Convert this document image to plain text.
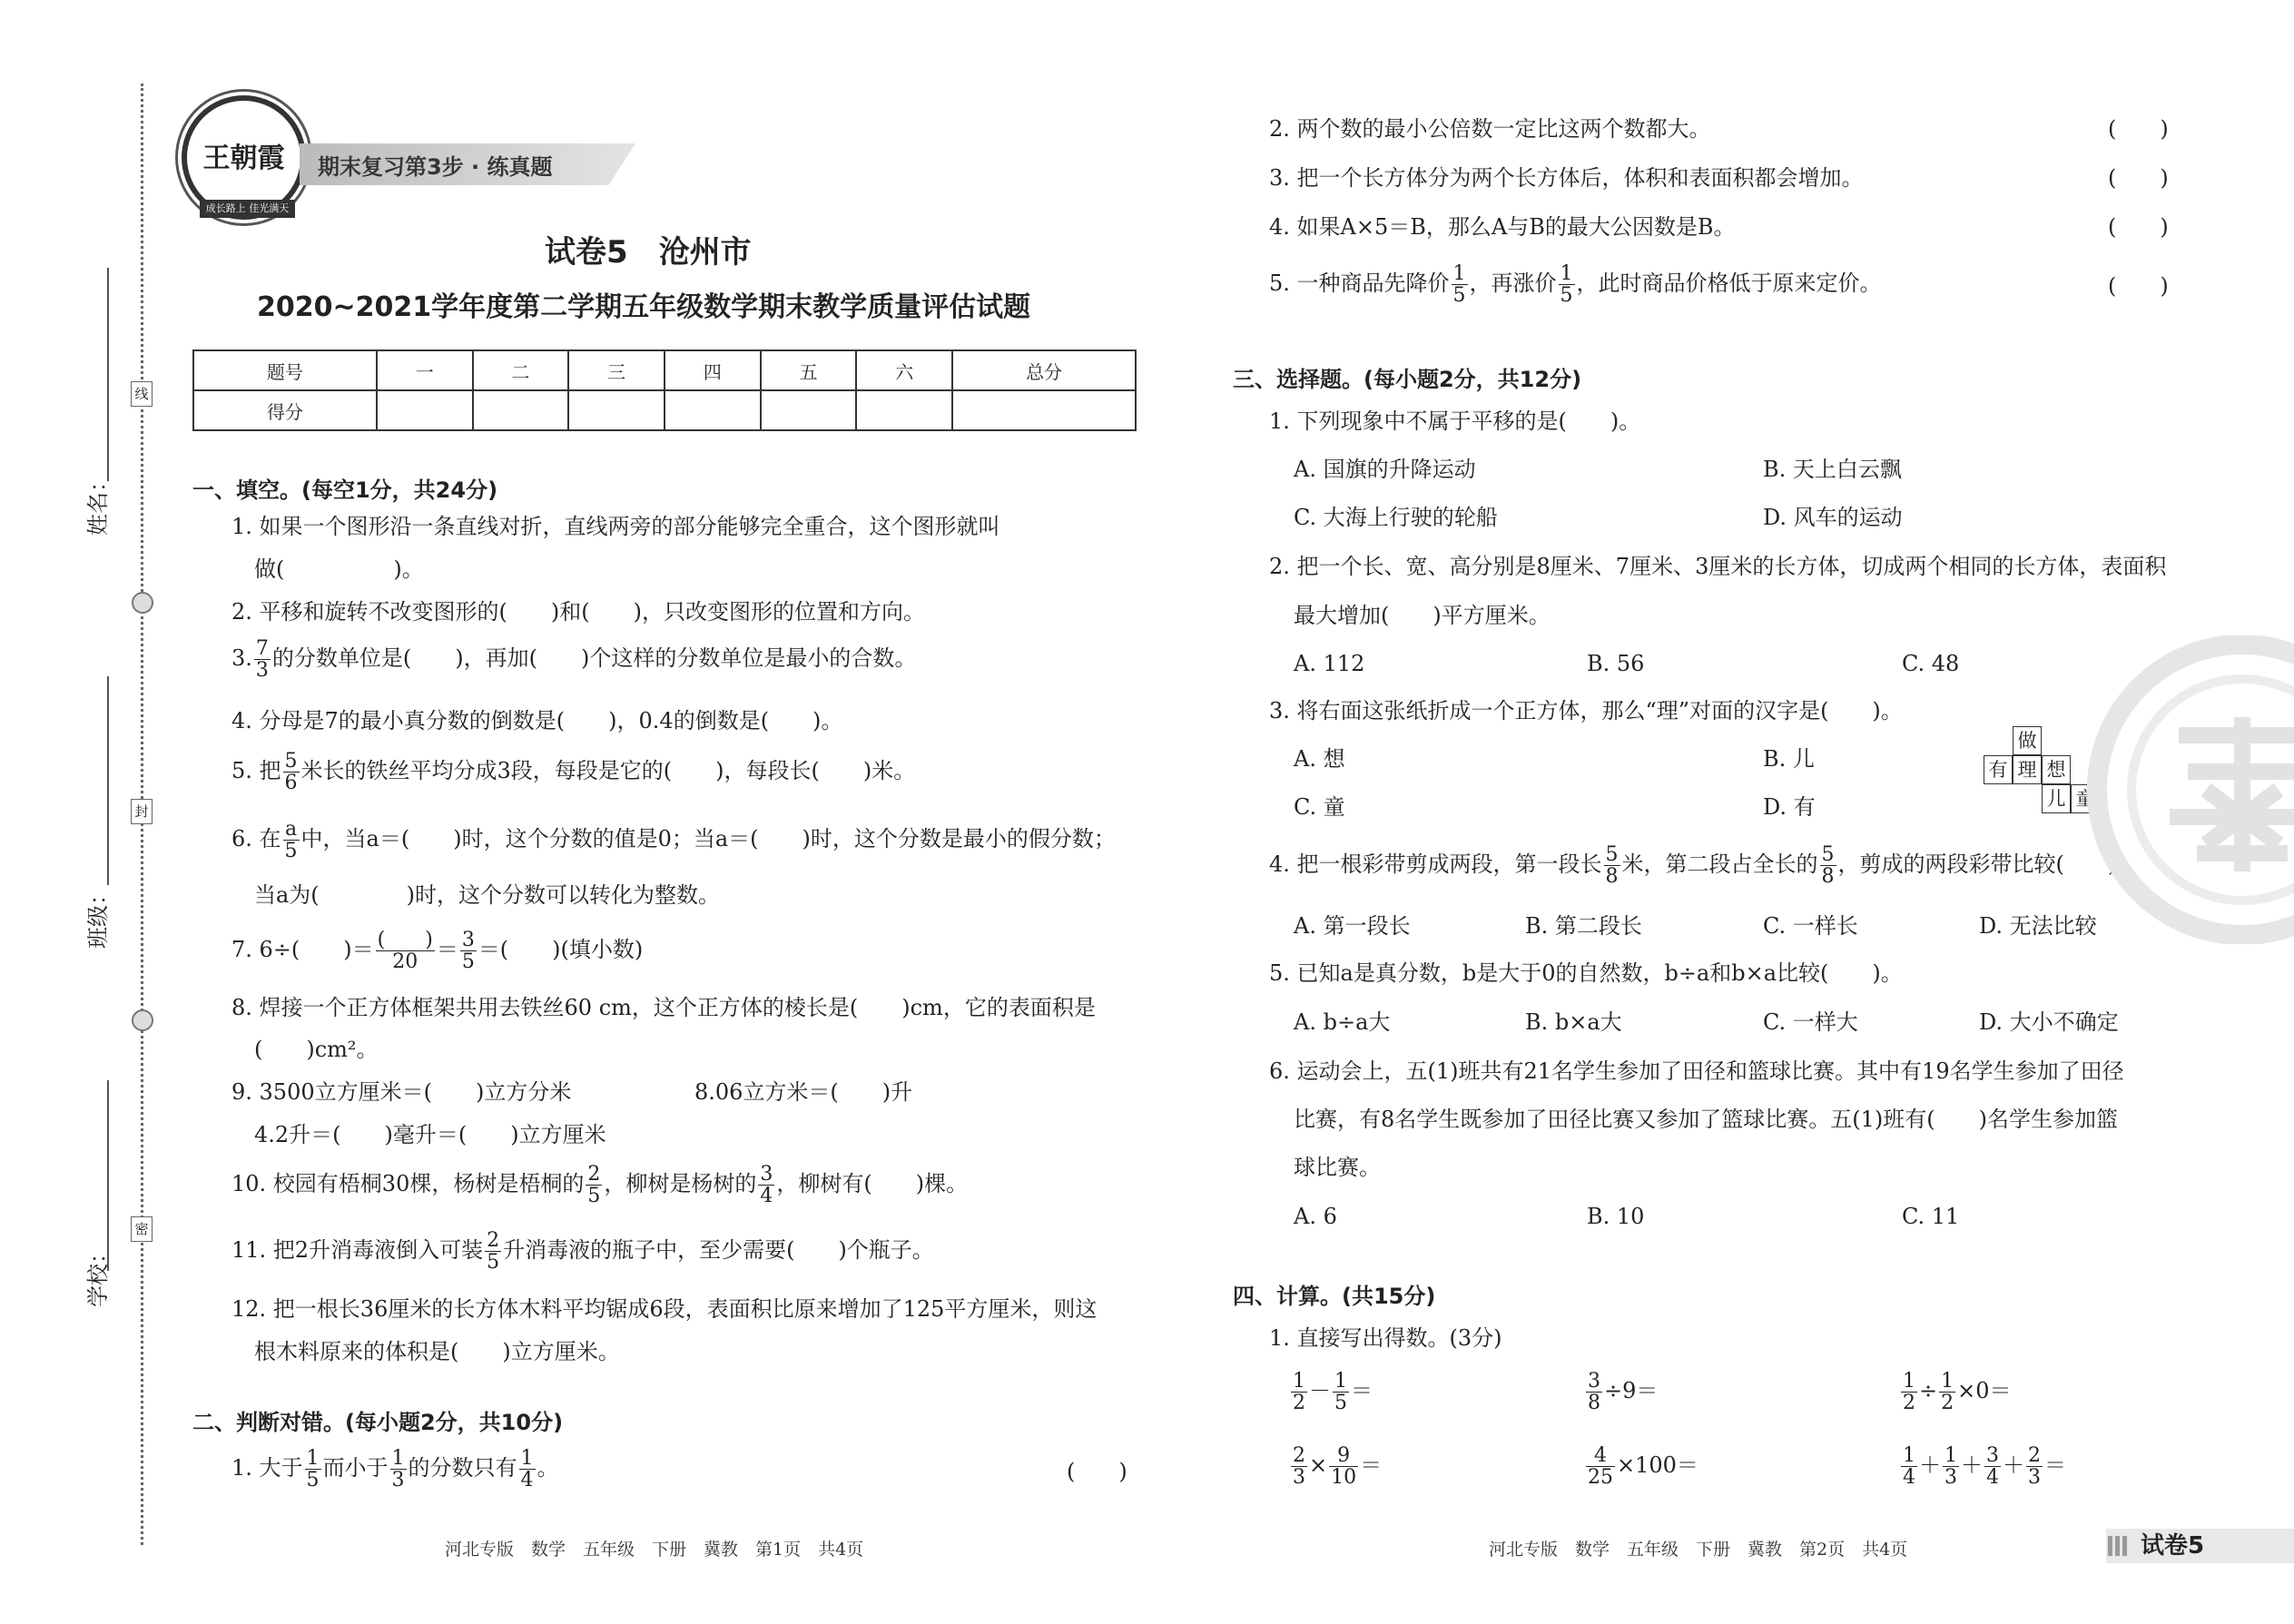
学校：
班级：
姓名：
线
封
密
王朝霞
成长路上 佳光满天
期末复习第3步 · 练真题
试卷5　沧州市
2020~2021学年度第二学期五年级数学期末教学质量评估试题
题号	一	二	三	四	五	六	总分
得分							
一、填空。(每空1分，共24分)
1. 如果一个图形沿一条直线对折，直线两旁的部分能够完全重合，这个图形就叫
做(　　　　　)。
2. 平移和旋转不改变图形的(　　)和(　　)，只改变图形的位置和方向。
3. $\frac{7}{3}$ 的分数单位是(　　)，再加(　　)个这样的分数单位是最小的合数。
4. 分母是7的最小真分数的倒数是(　　)，0.4的倒数是(　　)。
5. 把 $\frac{5}{6}$ 米长的铁丝平均分成3段，每段是它的(　　)，每段长(　　)米。
6. 在 $\frac{a}{5}$ 中，当a＝(　　)时，这个分数的值是0；当a＝(　　)时，这个分数是最小的假分数；
当a为(　　　　)时，这个分数可以转化为整数。
7. 6÷(　　)＝ $\frac{( )}{20} = \frac{3}{5}$ ＝(　　)(填小数)
8. 焊接一个正方体框架共用去铁丝60 cm，这个正方体的棱长是(　　)cm，它的表面积是
(　　)cm²。
9. 3500立方厘米＝(　　)立方分米	8.06立方米＝(　　)升
4.2升＝(　　)毫升＝(　　)立方厘米
10. 校园有梧桐30棵，杨树是梧桐的 $\frac{2}{5}$ ，柳树是杨树的 $\frac{3}{4}$ ，柳树有(　　)棵。
11. 把2升消毒液倒入可装 $\frac{2}{5}$ 升消毒液的瓶子中，至少需要(　　)个瓶子。
12. 把一根长36厘米的长方体木料平均锯成6段，表面积比原来增加了125平方厘米，则这
根木料原来的体积是(　　)立方厘米。
二、判断对错。(每小题2分，共10分)
1. 大于 $\frac{1}{5}$ 而小于 $\frac{1}{3}$ 的分数只有 $\frac{1}{4}$ 。	(　　)
2. 两个数的最小公倍数一定比这两个数都大。	(　　)
3. 把一个长方体分为两个长方体后，体积和表面积都会增加。	(　　)
4. 如果A×5＝B，那么A与B的最大公因数是B。	(　　)
5. 一种商品先降价 $\frac{1}{5}$ ，再涨价 $\frac{1}{5}$ ，此时商品价格低于原来定价。	(　　)
三、选择题。(每小题2分，共12分)
1. 下列现象中不属于平移的是(　　)。
A. 国旗的升降运动	B. 天上白云飘
C. 大海上行驶的轮船	D. 风车的运动
2. 把一个长、宽、高分别是8厘米、7厘米、3厘米的长方体，切成两个相同的长方体，表面积
最大增加(　　)平方厘米。
A. 112	B. 56	C. 48
3. 将右面这张纸折成一个正方体，那么“理”对面的汉字是(　　)。
A. 想	B. 儿
C. 童	D. 有
做
有 理 想
儿 童
4. 把一根彩带剪成两段，第一段长 $\frac{5}{8}$ 米，第二段占全长的 $\frac{5}{8}$ ，剪成的两段彩带比较(　　)。
A. 第一段长	B. 第二段长	C. 一样长	D. 无法比较
5. 已知a是真分数，b是大于0的自然数，b÷a和b×a比较(　　)。
A. b÷a大	B. b×a大	C. 一样大	D. 大小不确定
6. 运动会上，五(1)班共有21名学生参加了田径和篮球比赛。其中有19名学生参加了田径
比赛，有8名学生既参加了田径比赛又参加了篮球比赛。五(1)班有(　　)名学生参加篮
球比赛。
A. 6	B. 10	C. 11
四、计算。(共15分)
1. 直接写出得数。(3分)
$\frac{1}{2} - \frac{1}{5}$ ＝	$\frac{3}{8} \div 9=$	$\frac{1}{2} \div \frac{1}{2} \times 0=$
$\frac{2}{3} \times \frac{9}{10}$ ＝	$\frac{4}{25} \times 100=$	$\frac{1}{4} + \frac{1}{3} + \frac{3}{4} + \frac{2}{3}$ ＝
河北专版　数学　五年级　下册　冀教　第1页　共4页	河北专版　数学　五年级　下册　冀教　第2页　共4页	试卷5
